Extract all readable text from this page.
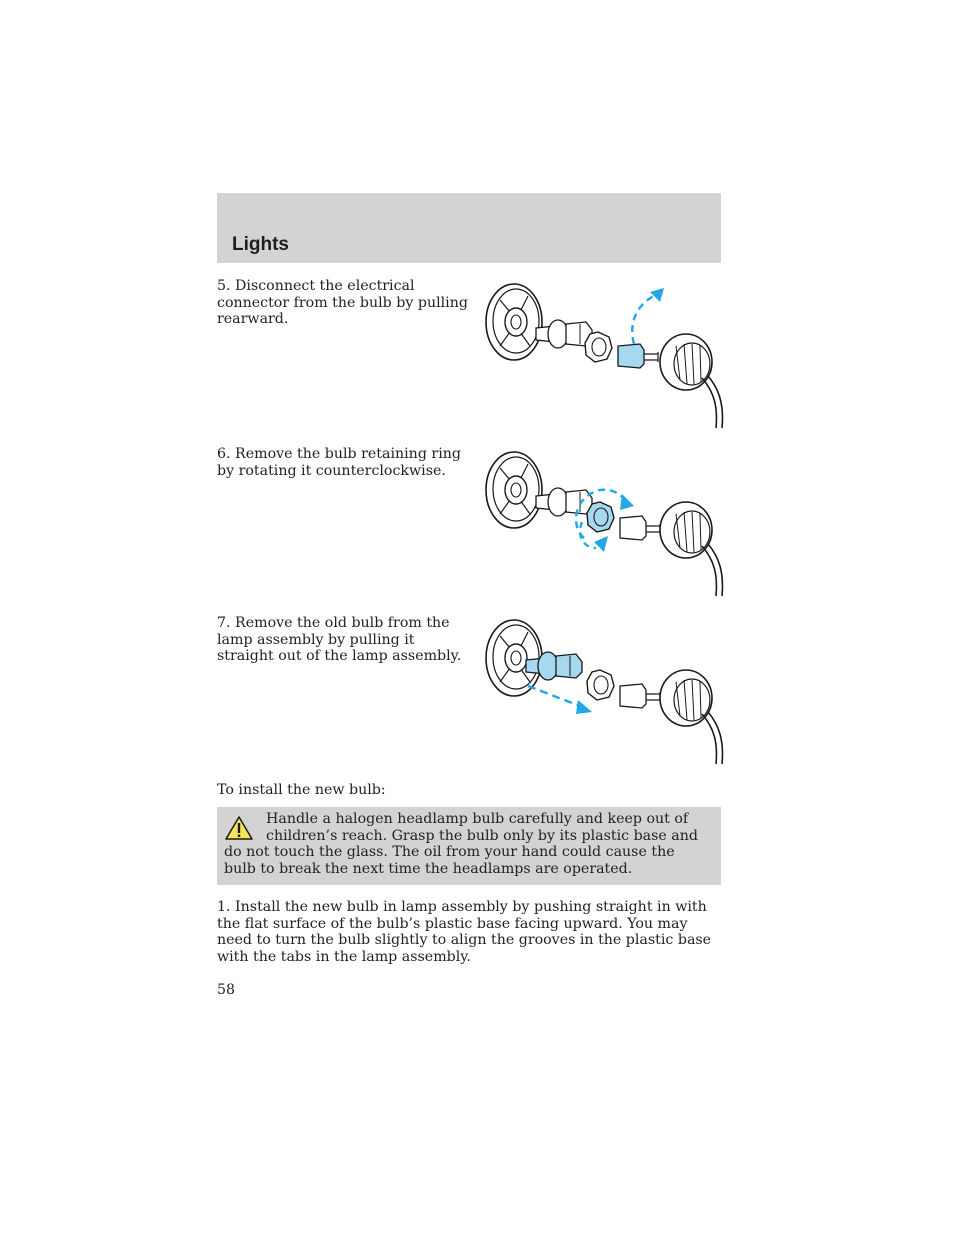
Lights

5. Disconnect the electrical connector from the bulb by pulling rearward.

6. Remove the bulb retaining ring by rotating it counterclockwise.

7. Remove the old bulb from the lamp assembly by pulling it straight out of the lamp assembly.

To install the new bulb:

Handle a halogen headlamp bulb carefully and keep out of children’s reach. Grasp the bulb only by its plastic base and do not touch the glass. The oil from your hand could cause the bulb to break the next time the headlamps are operated.

1. Install the new bulb in lamp assembly by pushing straight in with the flat surface of the bulb’s plastic base facing upward. You may need to turn the bulb slightly to align the grooves in the plastic base with the tabs in the lamp assembly.

58
